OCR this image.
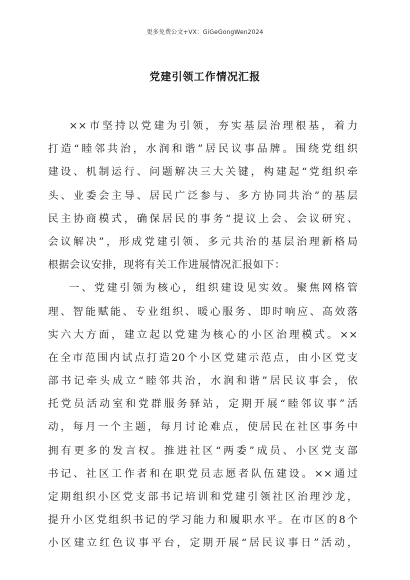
更多免费公文+VX：GiGeGongWen2024
党建引领工作情况汇报
××市坚持以党建为引领，夯实基层治理根基，着力
打造“睦邻共治，水润和谐”居民议事品牌。围绕党组织
建设、机制运行、问题解决三大关键，构建起“党组织牵
头、业委会主导、居民广泛参与、多方协同共治”的基层
民主协商模式，确保居民的事务“提议上会、会议研究、
会议解决”，形成党建引领、多元共治的基层治理新格局
根据会议安排，现将有关工作进展情况汇报如下：
一、党建引领为核心，组织建设见实效。聚焦网格管
理、智能赋能、专业组织、暖心服务、即时响应、高效落
实六大方面，建立起以党建为核心的小区治理模式。××
在全市范围内试点打造20个小区党建示范点，由小区党支
部书记牵头成立“睦邻共治，水润和谐”居民议事会，依
托党员活动室和党群服务驿站，定期开展“睦邻议事”活
动，每月一个主题，每月讨论难点，使居民在社区事务中
拥有更多的发言权。推进社区“两委”成员、小区党支部
书记、社区工作者和在职党员志愿者队伍建设。××通过
定期组织小区党支部书记培训和党建引领社区治理沙龙，
提升小区党组织书记的学习能力和履职水平。在市区的8个
小区建立红色议事平台，定期开展“居民议事日”活动，
